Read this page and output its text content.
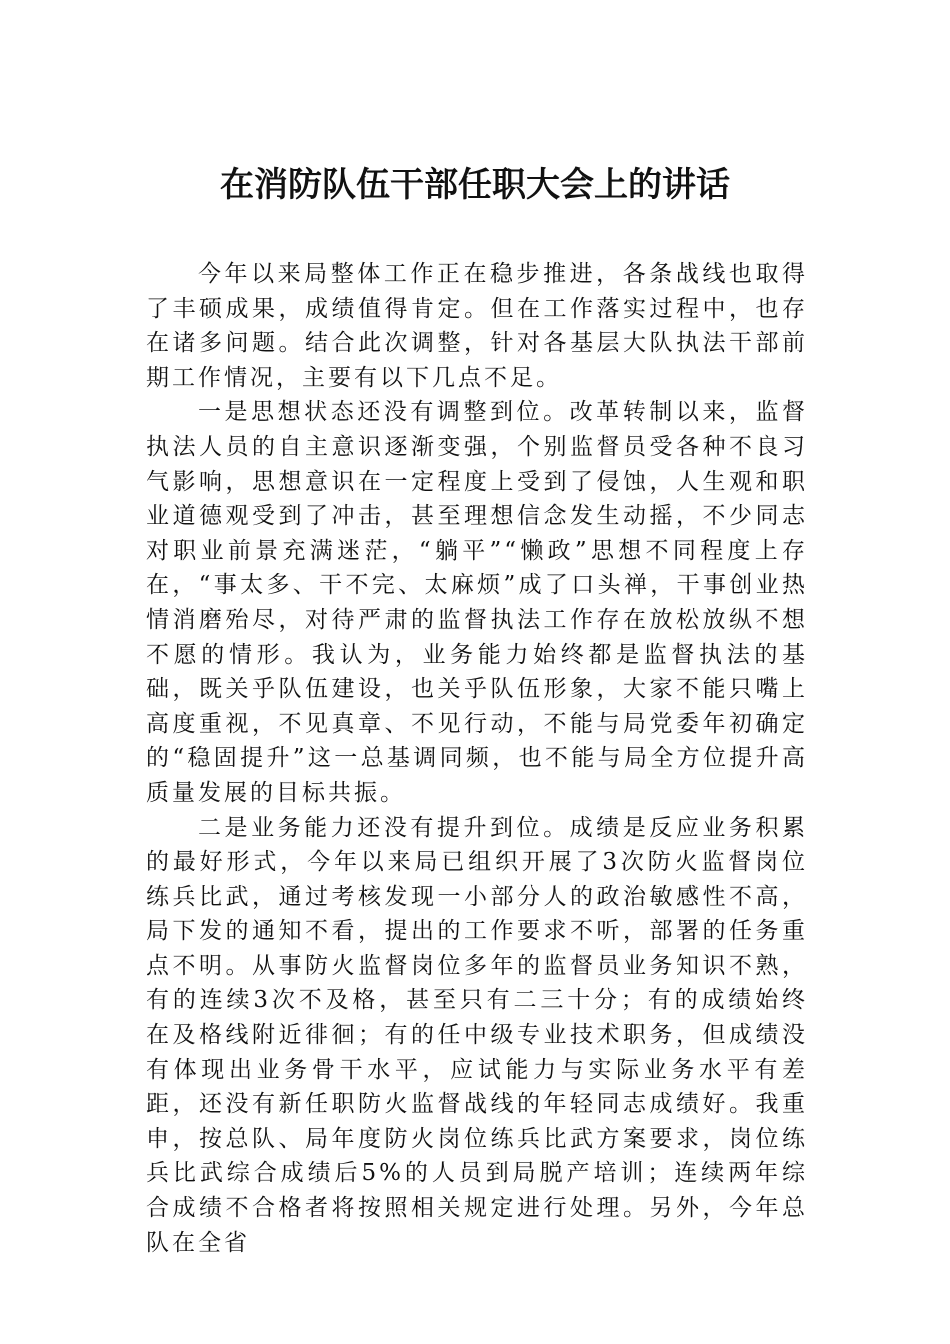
在消防队伍干部任职大会上的讲话

今年以来局整体工作正在稳步推进，各条战线也取得了丰硕成果，成绩值得肯定。但在工作落实过程中，也存在诸多问题。结合此次调整，针对各基层大队执法干部前期工作情况，主要有以下几点不足。

一是思想状态还没有调整到位。改革转制以来，监督执法人员的自主意识逐渐变强，个别监督员受各种不良习气影响，思想意识在一定程度上受到了侵蚀，人生观和职业道德观受到了冲击，甚至理想信念发生动摇，不少同志对职业前景充满迷茫，“躺平”“懒政”思想不同程度上存在，“事太多、干不完、太麻烦”成了口头禅，干事创业热情消磨殆尽，对待严肃的监督执法工作存在放松放纵不想不愿的情形。我认为，业务能力始终都是监督执法的基础，既关乎队伍建设，也关乎队伍形象，大家不能只嘴上高度重视，不见真章、不见行动，不能与局党委年初确定的“稳固提升”这一总基调同频，也不能与局全方位提升高质量发展的目标共振。

二是业务能力还没有提升到位。成绩是反应业务积累的最好形式，今年以来局已组织开展了3次防火监督岗位练兵比武，通过考核发现一小部分人的政治敏感性不高，局下发的通知不看，提出的工作要求不听，部署的任务重点不明。从事防火监督岗位多年的监督员业务知识不熟，有的连续3次不及格，甚至只有二三十分；有的成绩始终在及格线附近徘徊；有的任中级专业技术职务，但成绩没有体现出业务骨干水平，应试能力与实际业务水平有差距，还没有新任职防火监督战线的年轻同志成绩好。我重申，按总队、局年度防火岗位练兵比武方案要求，岗位练兵比武综合成绩后5%的人员到局脱产培训；连续两年综合成绩不合格者将按照相关规定进行处理。另外，今年总队在全省
